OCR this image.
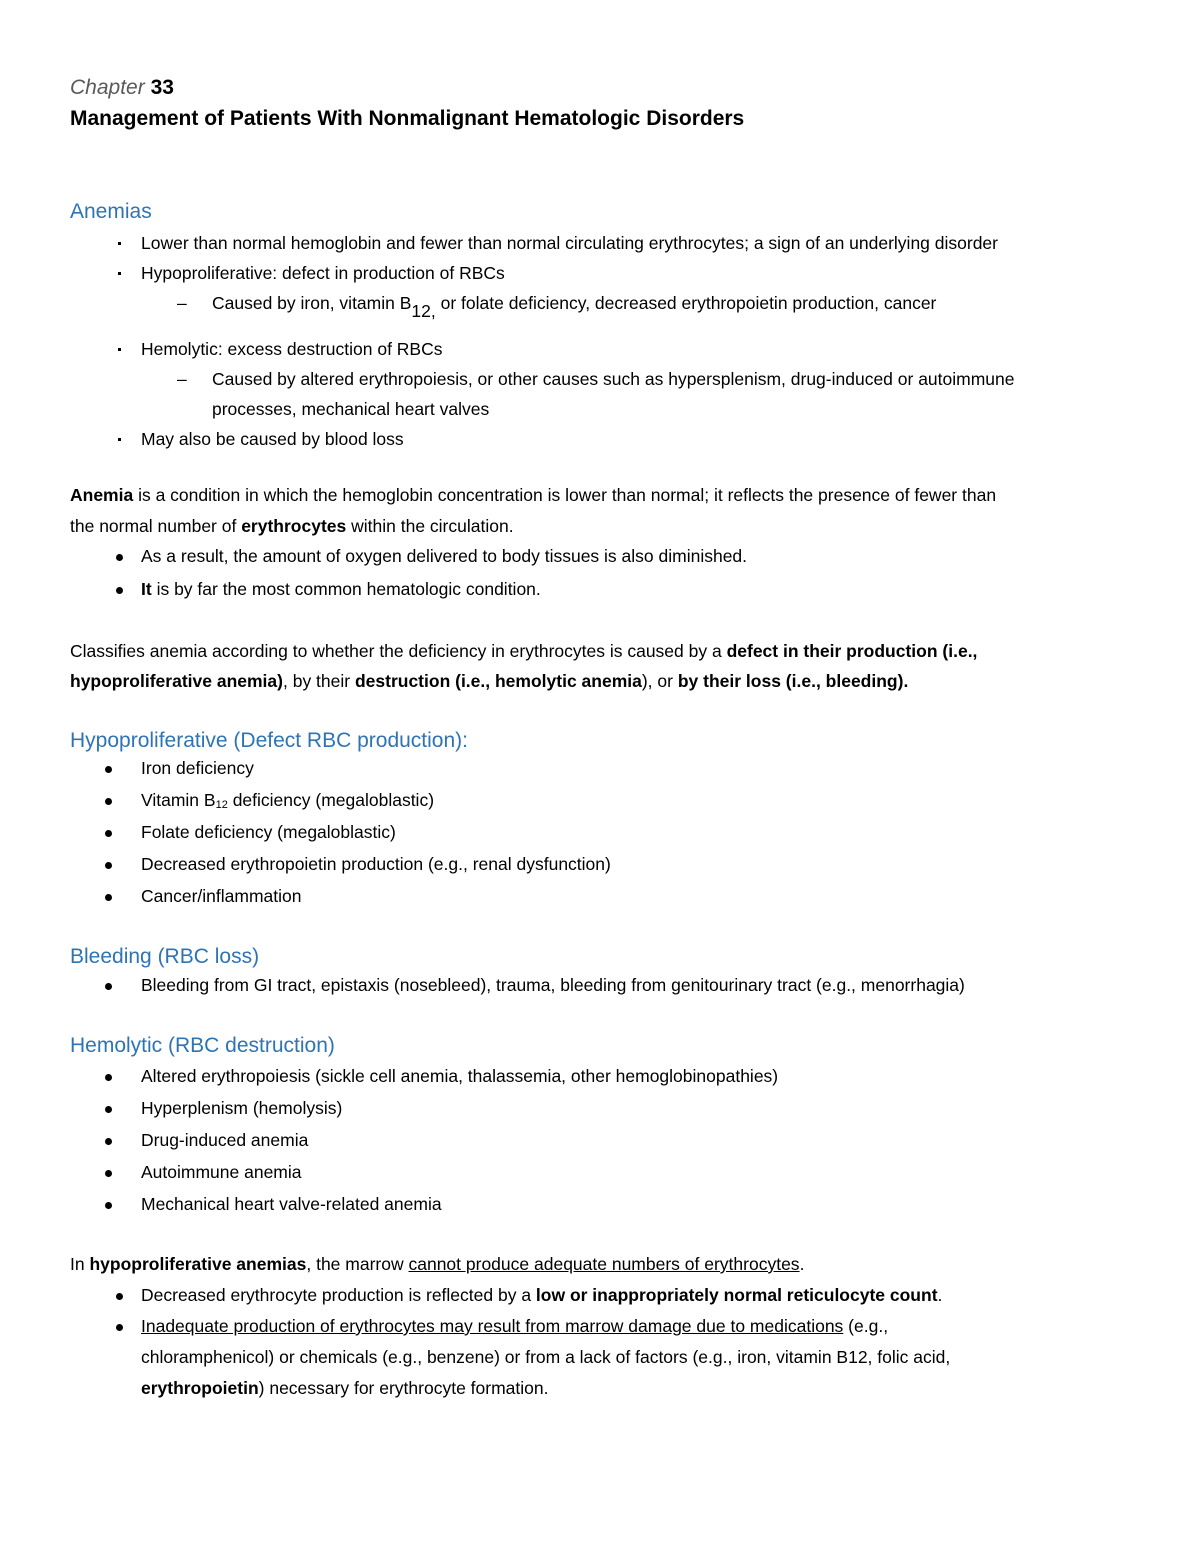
Chapter 33
Management of Patients With Nonmalignant Hematologic Disorders
Anemias
Lower than normal hemoglobin and fewer than normal circulating erythrocytes; a sign of an underlying disorder
Hypoproliferative: defect in production of RBCs
– Caused by iron, vitamin $B_{12,}$ or folate deficiency, decreased erythropoietin production, cancer
Hemolytic: excess destruction of RBCs
– Caused by altered erythropoiesis, or other causes such as hypersplenism, drug-induced or autoimmune
processes, mechanical heart valves
May also be caused by blood loss
Anemia is a condition in which the hemoglobin concentration is lower than normal; it reflects the presence of fewer than
the normal number of erythrocytes within the circulation.
As a result, the amount of oxygen delivered to body tissues is also diminished.
It is by far the most common hematologic condition.
Classifies anemia according to whether the deficiency in erythrocytes is caused by a defect in their production (i.e.,
hypoproliferative anemia), by their destruction (i.e., hemolytic anemia), or by their loss (i.e., bleeding).
Hypoproliferative (Defect RBC production):
Iron deficiency
Vitamin $B_{12}$ deficiency (megaloblastic)
Folate deficiency (megaloblastic)
Decreased erythropoietin production (e.g., renal dysfunction)
Cancer/inflammation
Bleeding (RBC loss)
Bleeding from GI tract, epistaxis (nosebleed), trauma, bleeding from genitourinary tract (e.g., menorrhagia)
Hemolytic (RBC destruction)
Altered erythropoiesis (sickle cell anemia, thalassemia, other hemoglobinopathies)
Hyperplenism (hemolysis)
Drug-induced anemia
Autoimmune anemia
Mechanical heart valve-related anemia
In hypoproliferative anemias, the marrow cannot produce adequate numbers of erythrocytes.
Decreased erythrocyte production is reflected by a low or inappropriately normal reticulocyte count.
Inadequate production of erythrocytes may result from marrow damage due to medications (e.g.,
chloramphenicol) or chemicals (e.g., benzene) or from a lack of factors (e.g., iron, vitamin B12, folic acid,
erythropoietin) necessary for erythrocyte formation.
